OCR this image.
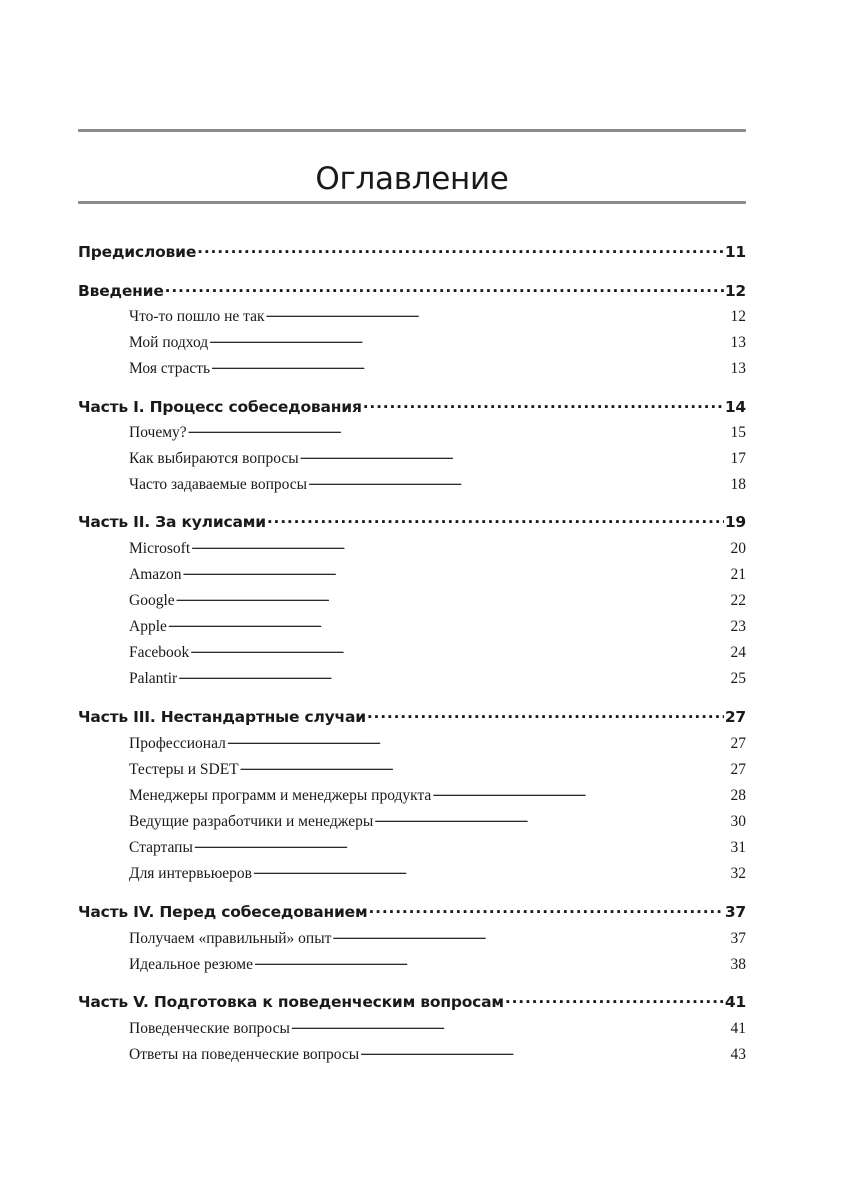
Оглавление
Предисловие . . .	11
Введение . . .	12
Что-то пошло не так . . .	12
Мой подход . . .	13
Моя страсть . . .	13
Часть I. Процесс собеседования . . .	14
Почему? . . .	15
Как выбираются вопросы . . .	17
Часто задаваемые вопросы . . .	18
Часть II. За кулисами . . .	19
Microsoft . . .	20
Amazon . . .	21
Google . . .	22
Apple . . .	23
Facebook . . .	24
Palantir . . .	25
Часть III. Нестандартные случаи . . .	27
Профессионал . . .	27
Тестеры и SDET . . .	27
Менеджеры программ и менеджеры продукта . . .	28
Ведущие разработчики и менеджеры . . .	30
Стартапы . . .	31
Для интервьюеров . . .	32
Часть IV. Перед собеседованием . . .	37
Получаем «правильный» опыт . . .	37
Идеальное резюме . . .	38
Часть V. Подготовка к поведенческим вопросам . . .	41
Поведенческие вопросы . . .	41
Ответы на поведенческие вопросы . . .	43
